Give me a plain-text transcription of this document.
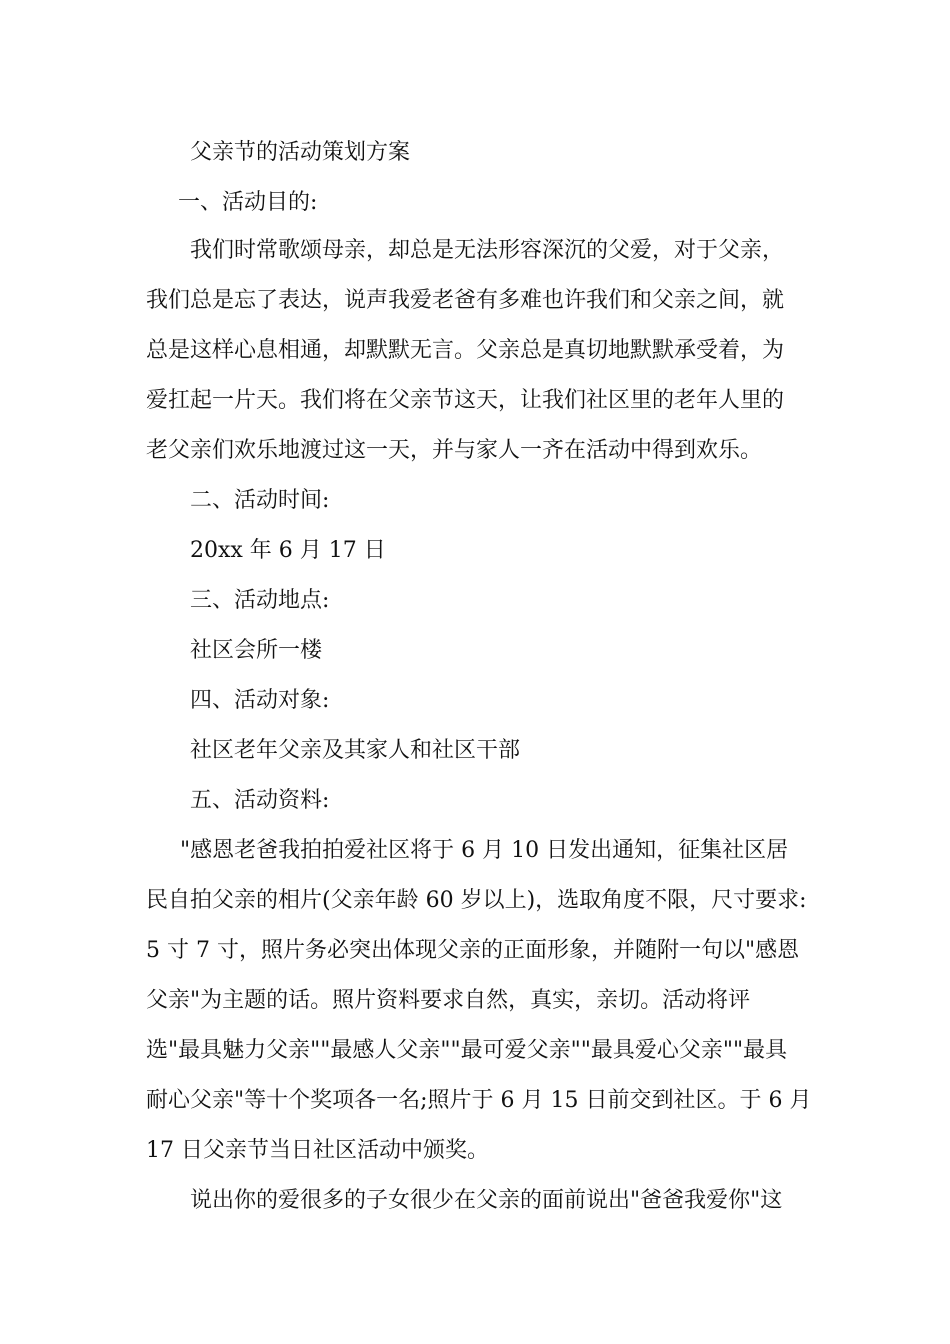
父亲节的活动策划方案
一、活动目的:
我们时常歌颂母亲，却总是无法形容深沉的父爱，对于父亲，
我们总是忘了表达，说声我爱老爸有多难也许我们和父亲之间，就
总是这样心息相通，却默默无言。父亲总是真切地默默承受着，为
爱扛起一片天。我们将在父亲节这天，让我们社区里的老年人里的
老父亲们欢乐地渡过这一天，并与家人一齐在活动中得到欢乐。
二、活动时间:
20xx 年 6 月 17 日
三、活动地点:
社区会所一楼
四、活动对象:
社区老年父亲及其家人和社区干部
五、活动资料:
"感恩老爸我拍拍爱社区将于 6 月 10 日发出通知，征集社区居
民自拍父亲的相片(父亲年龄 60 岁以上)，选取角度不限，尺寸要求:
5 寸 7 寸，照片务必突出体现父亲的正面形象，并随附一句以"感恩
父亲"为主题的话。照片资料要求自然，真实，亲切。活动将评
选"最具魅力父亲""最感人父亲""最可爱父亲""最具爱心父亲""最具
耐心父亲"等十个奖项各一名;照片于 6 月 15 日前交到社区。于 6 月
17 日父亲节当日社区活动中颁奖。
说出你的爱很多的子女很少在父亲的面前说出"爸爸我爱你"这
